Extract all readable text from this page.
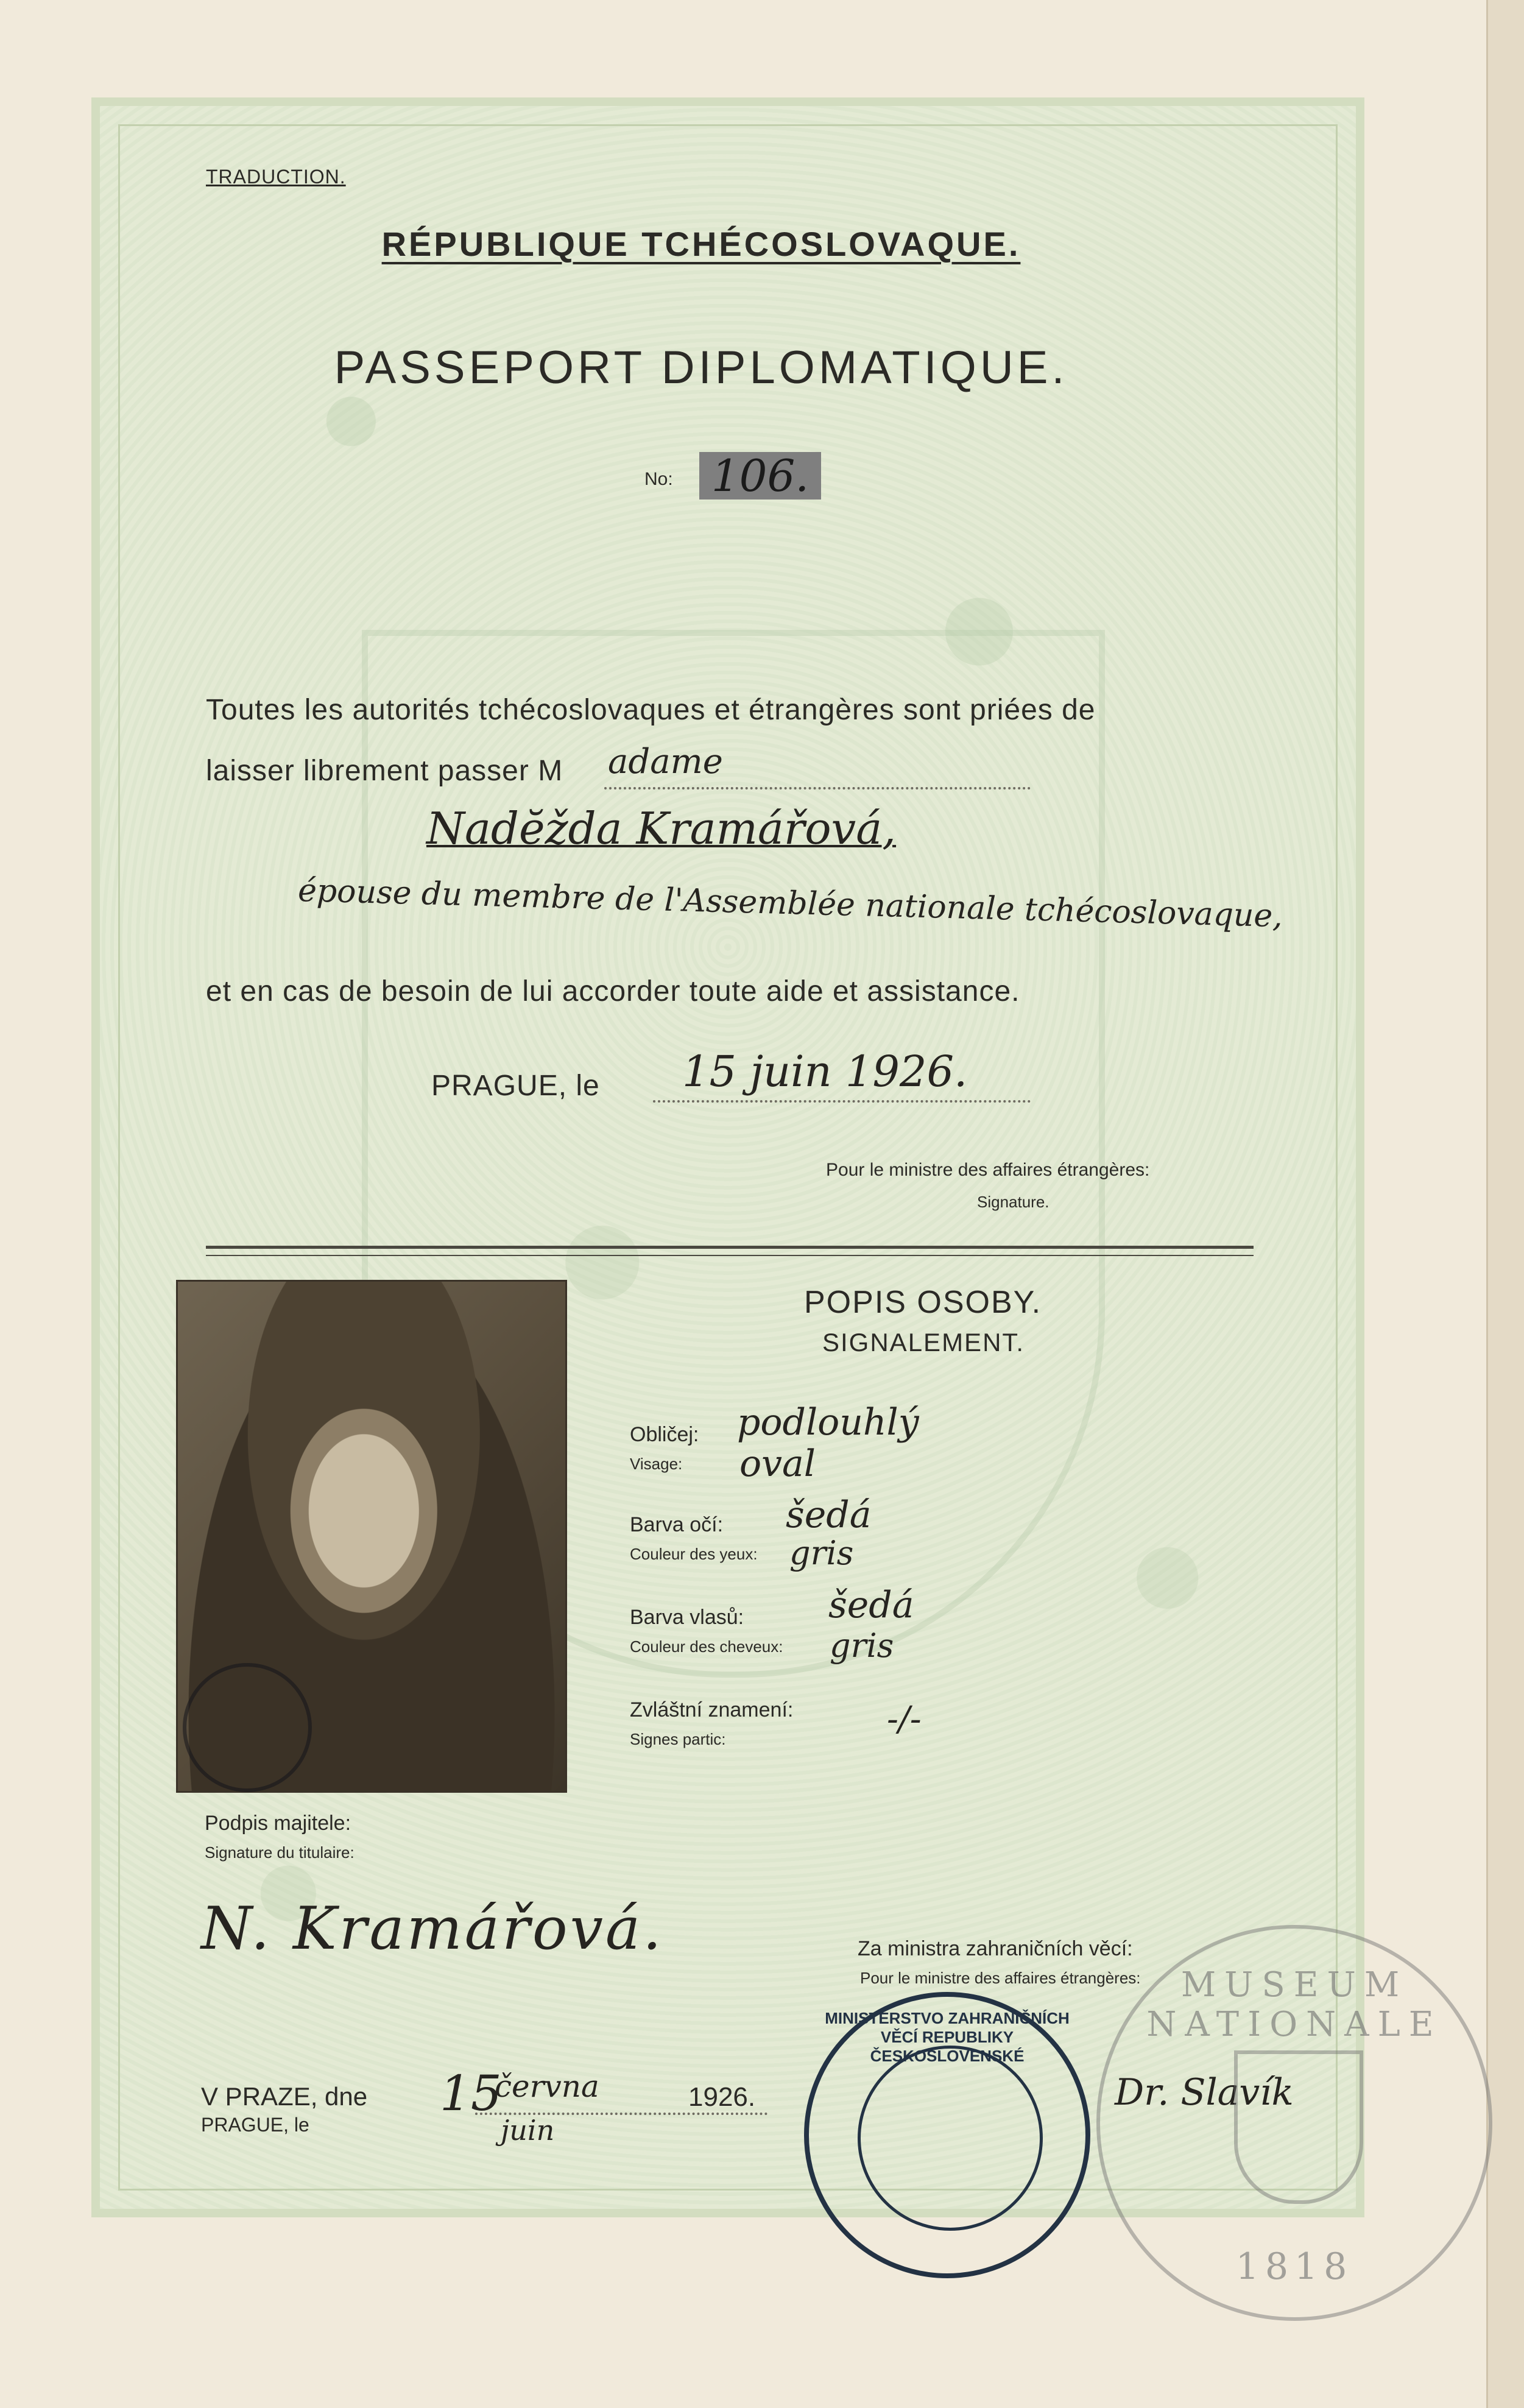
TRADUCTION.
RÉPUBLIQUE TCHÉCOSLOVAQUE.
PASSEPORT DIPLOMATIQUE.
No: 106.
Toutes les autorités tchécoslovaques et étrangères sont priées de
laisser librement passer M adame
Nadĕžda Kramářová,
épouse du membre de l'Assemblée nationale tchécoslovaque,
et en cas de besoin de lui accorder toute aide et assistance.
PRAGUE, le 15 juin 1926.
Pour le ministre des affaires étrangères:
Signature.
POPIS OSOBY.
SIGNALEMENT.
Obličej:
Visage:
podlouhlý
oval
Barva očí:
Couleur des yeux:
šedá
gris
Barva vlasů:
Couleur des cheveux:
šedá
gris
Zvláštní znamení:
Signes partic:	-/-
Podpis majitele:
Signature du titulaire:
N. Kramářová.	Za ministra zahraničních věcí:
Pour le ministre des affaires étrangères:
V PRAZE, dne
PRAGUE, le
15
června
juin
1926.
MINISTERSTVO ZAHRANIČNÍCH VĚCÍ REPUBLIKY ČESKOSLOVENSKÉ
Dr. Slavík
MUSEUM NATIONALE
1818
